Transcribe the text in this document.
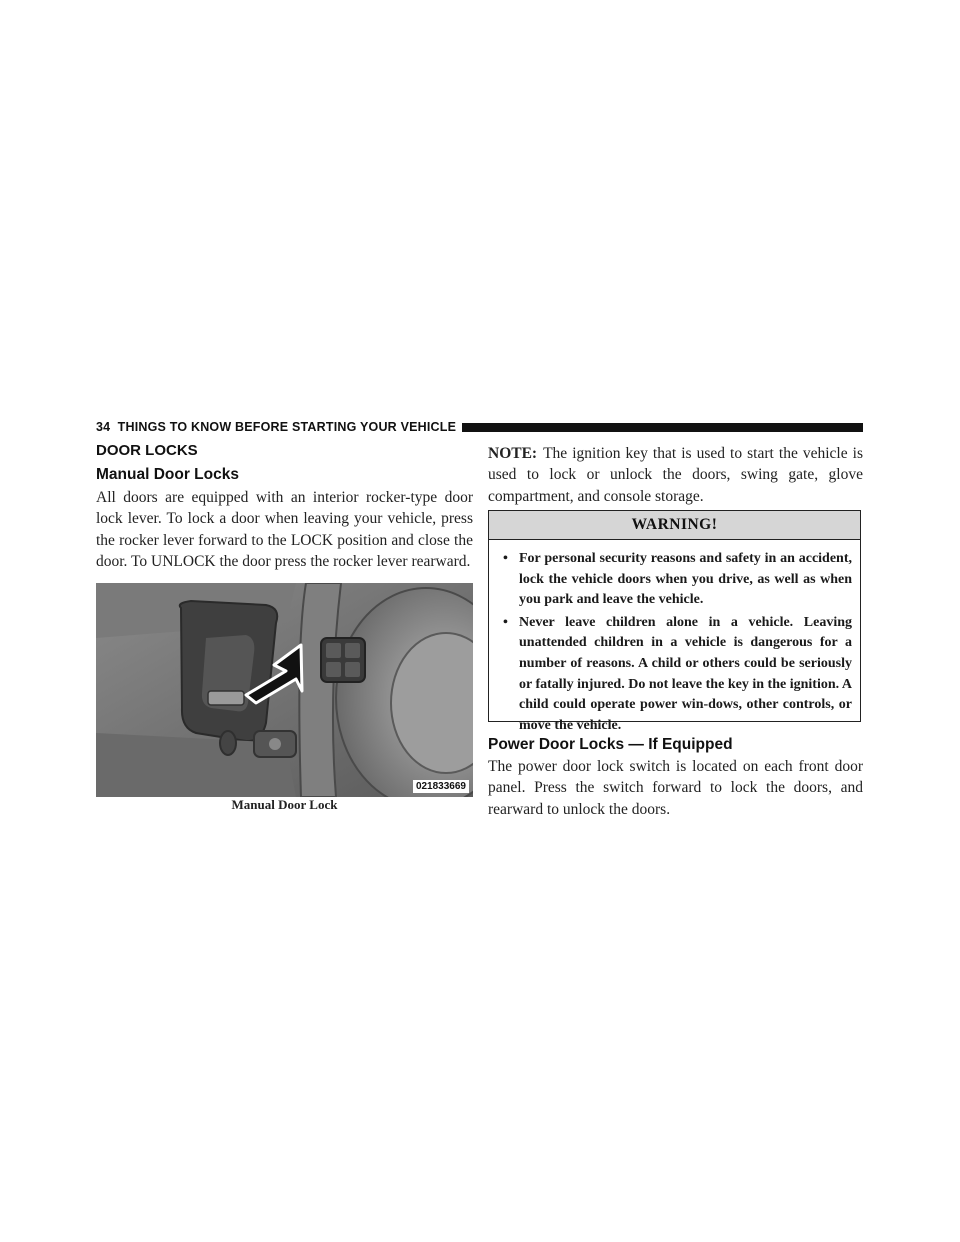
34 THINGS TO KNOW BEFORE STARTING YOUR VEHICLE
DOOR LOCKS
Manual Door Locks

All doors are equipped with an interior rocker-type door lock lever. To lock a door when leaving your vehicle, press the rocker lever forward to the LOCK position and close the door. To UNLOCK the door press the rocker lever rearward.

021833669
Manual Door Lock

NOTE: The ignition key that is used to start the vehicle is used to lock or unlock the doors, swing gate, glove compartment, and console storage.

WARNING!
• For personal security reasons and safety in an accident, lock the vehicle doors when you drive, as well as when you park and leave the vehicle.
• Never leave children alone in a vehicle. Leaving unattended children in a vehicle is dangerous for a number of reasons. A child or others could be seriously or fatally injured. Do not leave the key in the ignition. A child could operate power win-dows, other controls, or move the vehicle.
Power Door Locks — If Equipped

The power door lock switch is located on each front door panel. Press the switch forward to lock the doors, and rearward to unlock the doors.
